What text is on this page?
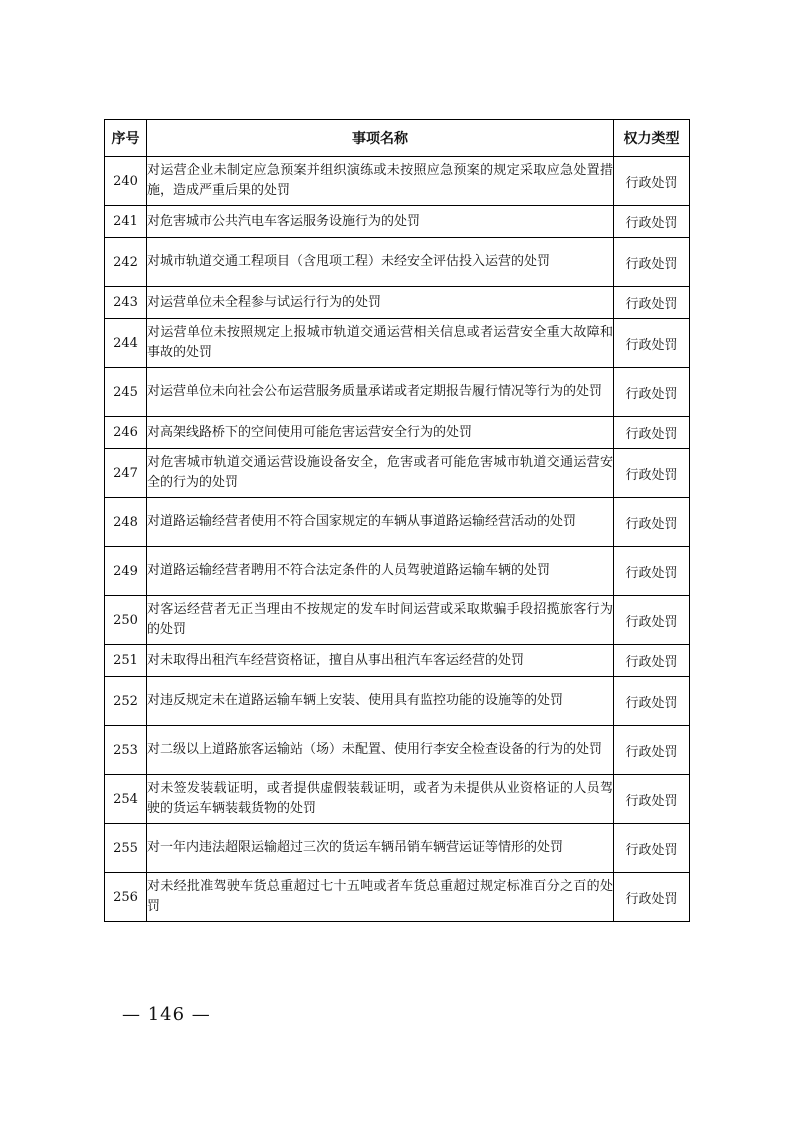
序号	事项名称	权力类型
240	对运营企业未制定应急预案并组织演练或未按照应急预案的规定采取应急处置措施，造成严重后果的处罚	行政处罚
241	对危害城市公共汽电车客运服务设施行为的处罚	行政处罚
242	对城市轨道交通工程项目（含甩项工程）未经安全评估投入运营的处罚	行政处罚
243	对运营单位未全程参与试运行行为的处罚	行政处罚
244	对运营单位未按照规定上报城市轨道交通运营相关信息或者运营安全重大故障和事故的处罚	行政处罚
245	对运营单位未向社会公布运营服务质量承诺或者定期报告履行情况等行为的处罚	行政处罚
246	对高架线路桥下的空间使用可能危害运营安全行为的处罚	行政处罚
247	对危害城市轨道交通运营设施设备安全，危害或者可能危害城市轨道交通运营安全的行为的处罚	行政处罚
248	对道路运输经营者使用不符合国家规定的车辆从事道路运输经营活动的处罚	行政处罚
249	对道路运输经营者聘用不符合法定条件的人员驾驶道路运输车辆的处罚	行政处罚
250	对客运经营者无正当理由不按规定的发车时间运营或采取欺骗手段招揽旅客行为的处罚	行政处罚
251	对未取得出租汽车经营资格证，擅自从事出租汽车客运经营的处罚	行政处罚
252	对违反规定未在道路运输车辆上安装、使用具有监控功能的设施等的处罚	行政处罚
253	对二级以上道路旅客运输站（场）未配置、使用行李安全检查设备的行为的处罚	行政处罚
254	对未签发装载证明，或者提供虚假装载证明，或者为未提供从业资格证的人员驾驶的货运车辆装载货物的处罚	行政处罚
255	对一年内违法超限运输超过三次的货运车辆吊销车辆营运证等情形的处罚	行政处罚
256	对未经批准驾驶车货总重超过七十五吨或者车货总重超过规定标准百分之百的处罚	行政处罚
— 146 —
